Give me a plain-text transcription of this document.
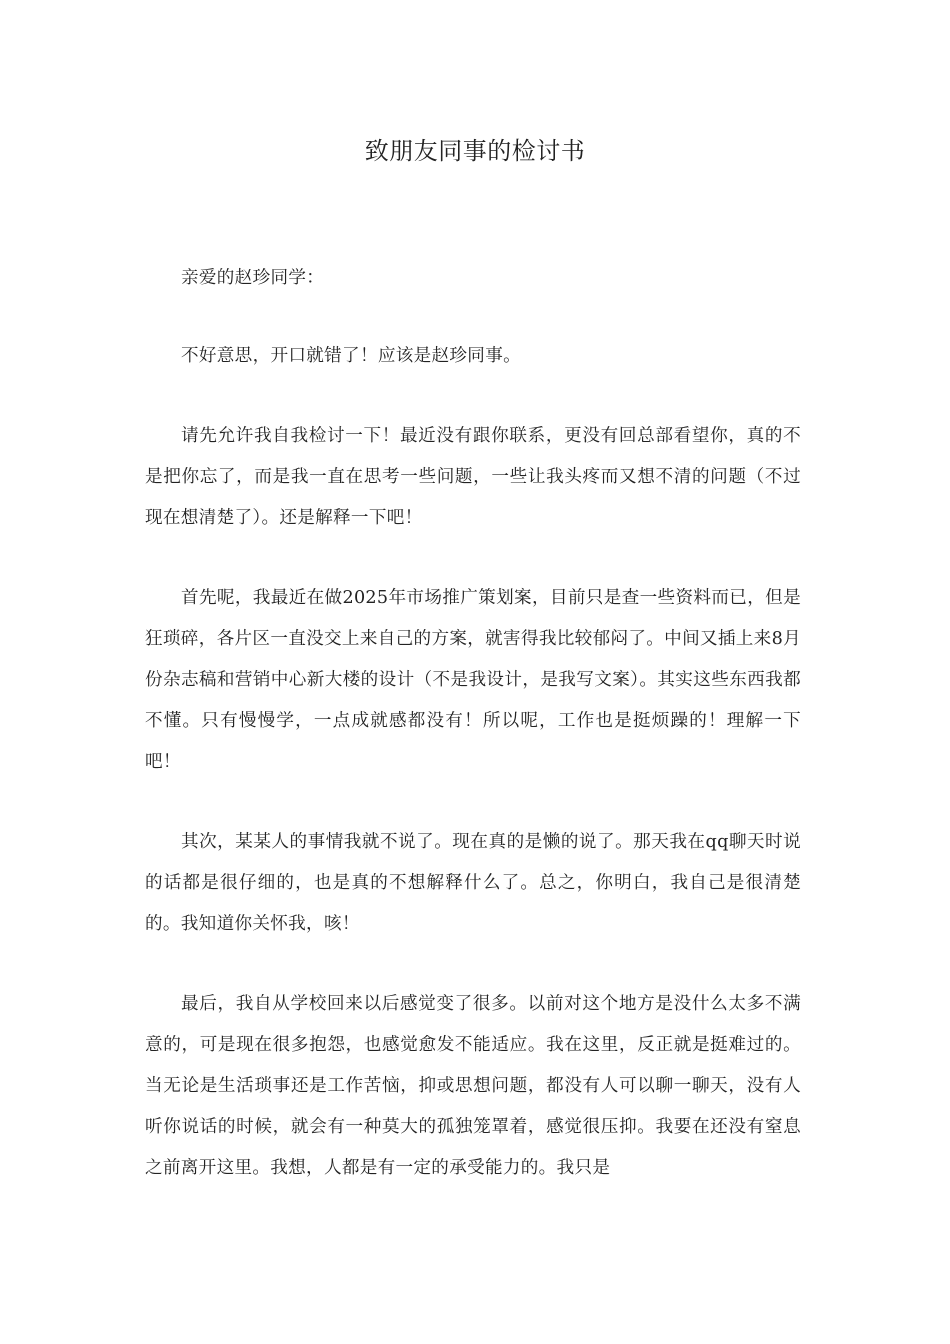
致朋友同事的检讨书

亲爱的赵珍同学：

不好意思，开口就错了！应该是赵珍同事。

请先允许我自我检讨一下！最近没有跟你联系，更没有回总部看望你，真的不是把你忘了，而是我一直在思考一些问题，一些让我头疼而又想不清的问题（不过现在想清楚了）。还是解释一下吧！

首先呢，我最近在做2025年市场推广策划案，目前只是查一些资料而已，但是狂琐碎，各片区一直没交上来自己的方案，就害得我比较郁闷了。中间又插上来8月份杂志稿和营销中心新大楼的设计（不是我设计，是我写文案）。其实这些东西我都不懂。只有慢慢学，一点成就感都没有！所以呢，工作也是挺烦躁的！理解一下吧！

其次，某某人的事情我就不说了。现在真的是懒的说了。那天我在qq聊天时说的话都是很仔细的，也是真的不想解释什么了。总之，你明白，我自己是很清楚的。我知道你关怀我，咳！

最后，我自从学校回来以后感觉变了很多。以前对这个地方是没什么太多不满意的，可是现在很多抱怨，也感觉愈发不能适应。我在这里，反正就是挺难过的。当无论是生活琐事还是工作苦恼，抑或思想问题，都没有人可以聊一聊天，没有人听你说话的时候，就会有一种莫大的孤独笼罩着，感觉很压抑。我要在还没有窒息之前离开这里。我想，人都是有一定的承受能力的。我只是
